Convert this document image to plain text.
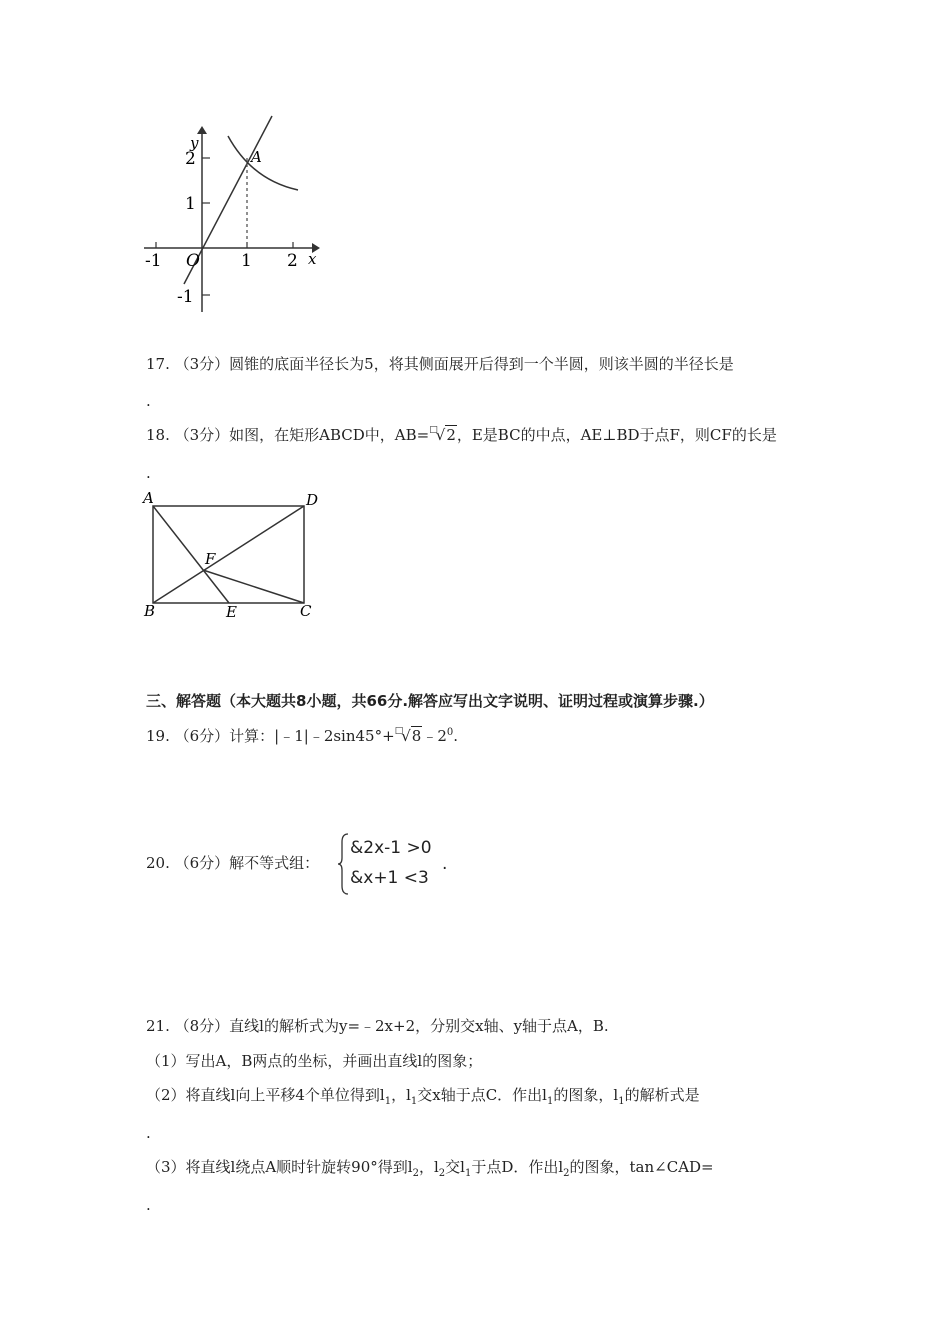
y
x
O
A
2
1
-1
-1	1 2
17. （3分）圆锥的底面半径长为5，将其侧面展开后得到一个半圆，则该半圆的半径长是
.
18. （3分）如图，在矩形ABCD中，AB=□√2，E是BC的中点，AE⊥BD于点F，则CF的长是
.
A	D
F
B	E	C
三、解答题（本大题共8小题，共66分.解答应写出文字说明、证明过程或演算步骤.）
19. （6分）计算：$|﹣1|﹣2\sin 45^\circ+^□√8﹣2^0$.
20. （6分）解不等式组：
&2x-1 >0
&x+1 <3
.
21. （8分）直线l的解析式为y=﹣2x+2，分别交x轴、y轴于点A，B.
（1）写出A，B两点的坐标，并画出直线l的图象；
（2）将直线l向上平移4个单位得到$l_1$，$l_1$交x轴于点C．作出$l_1$的图象，$l_1$的解析式是
.
（3）将直线l绕点A顺时针旋转90°得到$l_2$，$l_2$交$l_1$于点D．作出$l_2$的图象，tan∠CAD=
.
